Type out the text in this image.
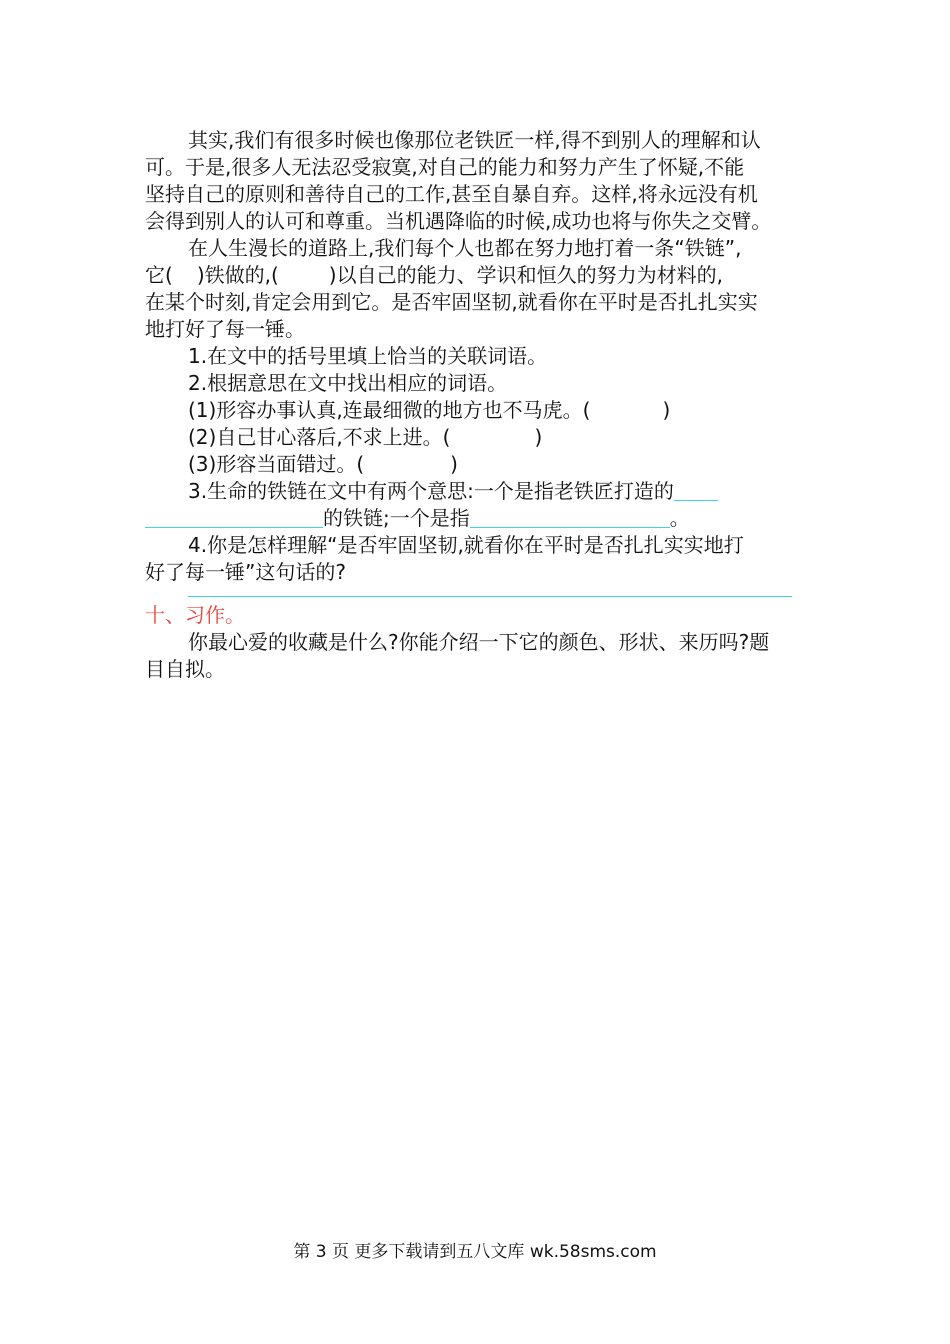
其实,我们有很多时候也像那位老铁匠一样,得不到别人的理解和认
可。于是,很多人无法忍受寂寞,对自己的能力和努力产生了怀疑,不能
坚持自己的原则和善待自己的工作,甚至自暴自弃。这样,将永远没有机
会得到别人的认可和尊重。当机遇降临的时候,成功也将与你失之交臂。
在人生漫长的道路上,我们每个人也都在努力地打着一条“铁链”,
它( )铁做的,(	)以自己的能力、学识和恒久的努力为材料的,
在某个时刻,肯定会用到它。是否牢固坚韧,就看你在平时是否扎扎实实
地打好了每一锤。
1.在文中的括号里填上恰当的关联词语。
2.根据意思在文中找出相应的词语。
(1)形容办事认真,连最细微的地方也不马虎。(	)
(2)自己甘心落后,不求上进。(	)
(3)形容当面错过。(	)
3.生命的铁链在文中有两个意思:一个是指老铁匠打造的
的铁链;一个是指	。
4.你是怎样理解“是否牢固坚韧,就看你在平时是否扎扎实实地打
好了每一锤”这句话的?
十、习作。
你最心爱的收藏是什么?你能介绍一下它的颜色、形状、来历吗?题
目自拟。
第 3 页 更多下载请到五八文库 wk.58sms.com
